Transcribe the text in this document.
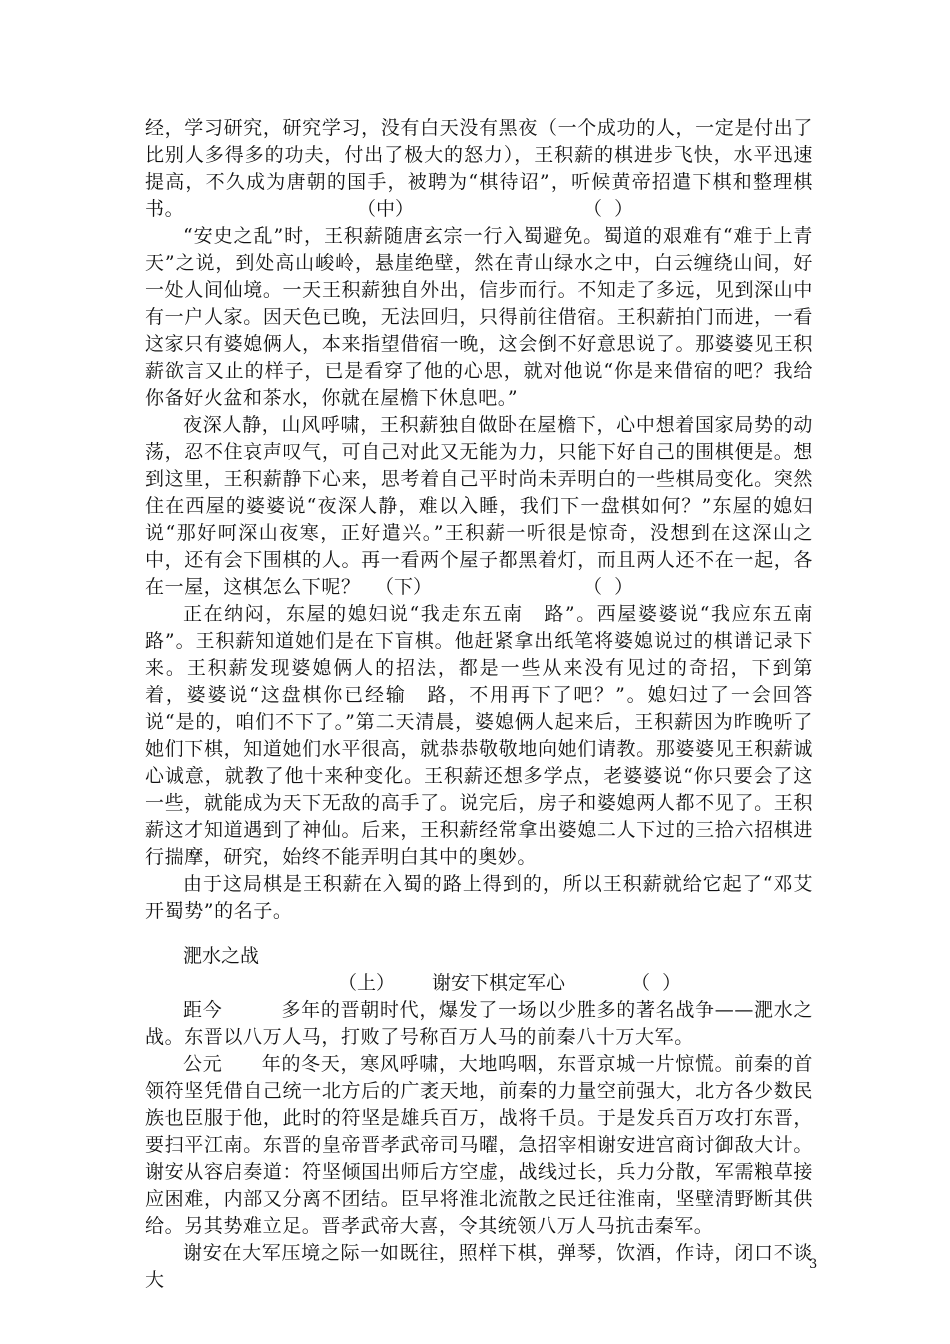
经，学习研究，研究学习，没有白天没有黑夜（一个成功的人，一定是付出了比别人多得多的功夫，付出了极大的怒力），王积薪的棋进步飞快，水平迅速提高，不久成为唐朝的国手，被聘为“棋待诏”，听候黄帝招遣下棋和整理棋书。	（中）	（  ）

“安史之乱”时，王积薪随唐玄宗一行入蜀避免。蜀道的艰难有“难于上青天”之说，到处高山峻岭，悬崖绝壁，然在青山绿水之中，白云缠绕山间，好一处人间仙境。一天王积薪独自外出，信步而行。不知走了多远，见到深山中有一户人家。因天色已晚，无法回归，只得前往借宿。王积薪拍门而进，一看这家只有婆媳俩人，本来指望借宿一晚，这会倒不好意思说了。那婆婆见王积薪欲言又止的样子，已是看穿了他的心思，就对他说“你是来借宿的吧？我给你备好火盆和茶水，你就在屋檐下休息吧。”

夜深人静，山风呼啸，王积薪独自做卧在屋檐下，心中想着国家局势的动荡，忍不住哀声叹气，可自己对此又无能为力，只能下好自己的围棋便是。想到这里，王积薪静下心来，思考着自己平时尚未弄明白的一些棋局变化。突然住在西屋的婆婆说“夜深人静，难以入睡，我们下一盘棋如何？”东屋的媳妇说“那好呵深山夜寒，正好遣兴。”王积薪一听很是惊奇，没想到在这深山之中，还有会下围棋的人。再一看两个屋子都黑着灯，而且两人还不在一起，各在一屋，这棋怎么下呢？ （下）	（  ）

正在纳闷，东屋的媳妇说“我走东五南　路”。西屋婆婆说“我应东五南　路”。王积薪知道她们是在下盲棋。他赶紧拿出纸笔将婆媳说过的棋谱记录下来。王积薪发现婆媳俩人的招法，都是一些从来没有见过的奇招，下到第　　着，婆婆说“这盘棋你已经输　路，不用再下了吧？”。媳妇过了一会回答说“是的，咱们不下了。”第二天清晨，婆媳俩人起来后，王积薪因为昨晚听了她们下棋，知道她们水平很高，就恭恭敬敬地向她们请教。那婆婆见王积薪诚心诚意，就教了他十来种变化。王积薪还想多学点，老婆婆说“你只要会了这一些，就能成为天下无敌的高手了。说完后，房子和婆媳两人都不见了。王积薪这才知道遇到了神仙。后来，王积薪经常拿出婆媳二人下过的三拾六招棋进行揣摩，研究，始终不能弄明白其中的奥妙。

由于这局棋是王积薪在入蜀的路上得到的，所以王积薪就给它起了“邓艾开蜀势”的名子。

淝水之战
（上） 谢安下棋定军心	（  ）

距今　　　多年的晋朝时代，爆发了一场以少胜多的著名战争——淝水之战。东晋以八万人马，打败了号称百万人马的前秦八十万大军。

公元　　年的冬天，寒风呼啸，大地呜咽，东晋京城一片惊慌。前秦的首领符坚凭借自己统一北方后的广袤天地，前秦的力量空前强大，北方各少数民族也臣服于他，此时的符坚是雄兵百万，战将千员。于是发兵百万攻打东晋，要扫平江南。东晋的皇帝晋孝武帝司马曜，急招宰相谢安进宫商讨御敌大计。谢安从容启奏道：符坚倾国出师后方空虚，战线过长，兵力分散，军需粮草接应困难，内部又分离不团结。臣早将淮北流散之民迁往淮南，坚壁清野断其供给。另其势难立足。晋孝武帝大喜，令其统领八万人马抗击秦军。

谢安在大军压境之际一如既往，照样下棋，弹琴，饮酒，作诗，闭口不谈大

3
